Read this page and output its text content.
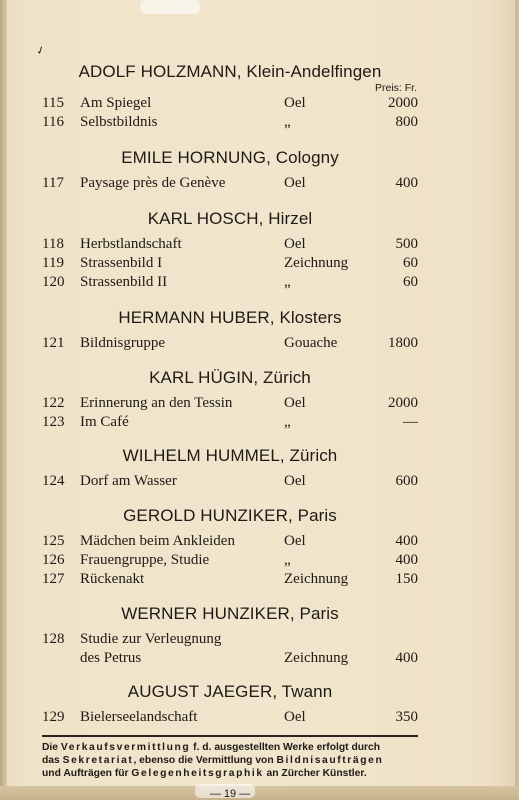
✓
ADOLF HOLZMANN, Klein-Andelfingen
Preis: Fr.
115	Am Spiegel	Oel	2000
116	Selbstbildnis	„	800
EMILE HORNUNG, Cologny
117	Paysage près de Genève	Oel	400
KARL HOSCH, Hirzel
118	Herbstlandschaft	Oel	500
119	Strassenbild I	Zeichnung	60
120	Strassenbild II	„	60
HERMANN HUBER, Klosters
121	Bildnisgruppe	Gouache	1800
KARL HÜGIN, Zürich
122	Erinnerung an den Tessin	Oel	2000
123	Im Café	„	—
WILHELM HUMMEL, Zürich
124	Dorf am Wasser	Oel	600
GEROLD HUNZIKER, Paris
125	Mädchen beim Ankleiden	Oel	400
126	Frauengruppe, Studie	„	400
127	Rückenakt	Zeichnung	150
WERNER HUNZIKER, Paris
128	Studie zur Verleugnung
des Petrus	Zeichnung	400
AUGUST JAEGER, Twann
129	Bielerseelandschaft	Oel	350
Die Verkaufsvermittlung f. d. ausgestellten Werke erfolgt durch
das Sekretariat, ebenso die Vermittlung von Bildnisaufträgen
und Aufträgen für Gelegenheitsgraphik an Zürcher Künstler.
— 19 —
